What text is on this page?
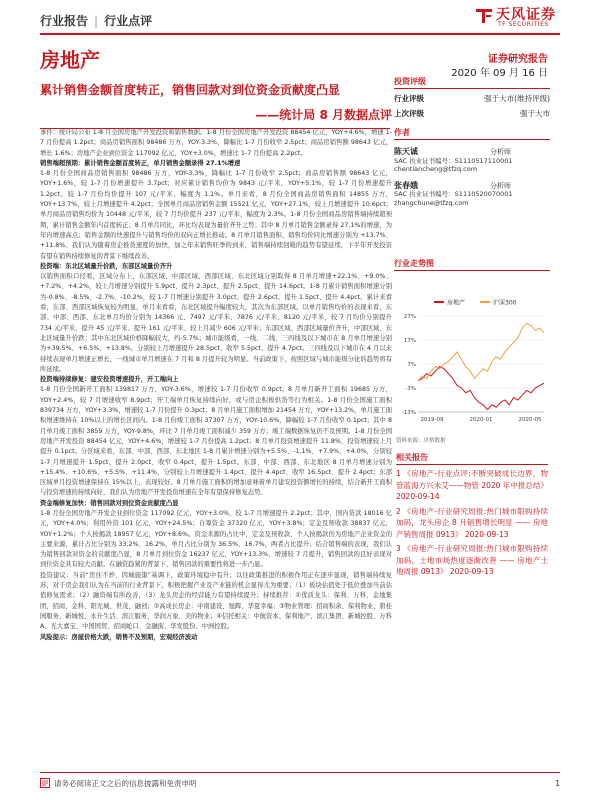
行业报告 | 行业点评	天风证券
TF SECURITIES
房地产	证券研究报告
2020 年 09 月 16 日
累计销售金额首度转正，销售回款对到位资金贡献度凸显
——统计局 8 月数据点评

事件：统计局公布 1-8 月全国房地产开发投资和销售数据。1-8 月份全国房地产开发投资 88454 亿元，YOY+4.6%，增速 1-7 月份提高 1.2pct；商品房销售面积 98486 万方，YOY-3.3%，降幅比 1-7 月份收窄 2.5pct；商品房销售额 98643 亿元，增长 1.6%；房地产企业到位资金 117092 亿元，YOY+3.0%，增速比 1-7 月份提高 2.2pct。

销售端超预期：累计销售金额首度转正，单月销售金额录得 27.1%增速

1-8 月份全国商品房销售面积 98486 万方，YOY-3.3%，降幅比 1-7 月份收窄 2.5pct；商品房销售额 98643 亿元，YOY+1.6%，较 1-7 月份增速提升 3.7pct；对应累计销售均价为 9843 元/平米，YOY+5.1%，较 1-7 月份增速提升 1.2pct。较 1-7 月份均价提升 107 元/平米，幅度为 1.1%。单月来看，8 月份全国商品房销售面积 14855 万方，YOY+13.7%，较上月增速提升 4.2pct；全国单月商品房销售金额 15521 亿元，YOY+27.1%，较上月增速提升 10.6pct；单月商品房销售均价为 10448 元/平米，较 7 月均价提升 237 元/平米，幅度为 2.3%。1-8 月份全国商品房销售端持续超预期，累计销售金额年内首度转正；8 月单月同比，环比均表现为量价齐升之势；其中 8 月单月销售金额录得 27.1%的增速，为年内增速高点；销售金额的快速提升与销售均价的双向正增长推动。8 月单月销售面积、销售均价同比增速分别为 +13.7%、+11.8%。我们认为随着房企推货速度的加快，加之年末销售旺季的到来，销售端持续回暖的趋势有望延续，下半年开发投资有望在销售持续修复的背景下继续改善。

投资端：东北区域量升价跌，东部区域量价齐升

以销售面积口径看，区域分布上，东部区域、中部区域、西部区域、东北区域分别取得 8 月单月增速+22.1%、+9.0%、+7.2%、+4.2%，较上月增速分别提升 5.9pct、提升 2.3pct、提升 2.5pct、提升 14.6pct。1-8 月累计销售面积增速分别为-0.8%、-8.5%、-2.7%、-10.2%，较 1-7 月增速分别提升 3.0pct、提升 2.6pct、提升 1.5pct、提升 4.4pct。累计来看看，东部、西部区域恢复较为明显，单月来看看，东北区域提升幅度较大，其次为东部区域。以单月销售均价的表现来看，东部、中部、西部、东北单月均价分别为 14366 元、7497 元/平米、7876 元/平米、8120 元/平米，较 7 月均价分别提升 734 元/平米、提升 45 元/平米、提升 161 元/平米、较上月减少 606 元/平米；东部区域、西部区域量价齐升，中部区域、东北区域量升价跌；其中东北区域价格降幅较大，约-5.7%；城市能级看，一线、二线、三四线及以下城市在 8 月单月增速分别为+39.5%、+6.5%、+13.8%，分别较上月增速提升 28.5pct、收窄 5.5pct、提升 4.7pct。三四线及以下城市在 4 月以来持续表现单月增速正增长，一线城市单月增速在 7 月和 8 月提升较为明显。当前政策下，按照区域与城市能级分化的趋势将有所延续。

投资端持续修复：建安投资增速提升，开工端向上

1-8 月份全国新开工面积 139817 万方，YOY-3.6%，增速较 1-7 月份收窄 0.9pct；8 月单月新开工面积 19685 万方，YOY+2.4%，较 7 月增速收窄 8.9pct；开工端单月恢复持续向好，或与房企积极供货等行为相关。1-8 月份全国施工面积 839734 万方，YOY+3.3%，增速较 1-7 月份提升 0.3pct；8 月单月施工面积增加 21454 万方，YOY+13.2%，单月施工面积增速维持在 10%以上的增长区间内。1-8 月份竣工面积 37307 万方，YOY-10.6%，降幅较 1-7 月份收窄 0.1pct；其中 8 月单月竣工面积 3859 万方，YOY-9.8%，环比 7 月单月竣工面积减少 359 万方；竣工端数据恢复仍不及预期。1-8 月份全国房地产开发投资 88454 亿元，YOY+4.6%，增速较 1-7 月份提高 1.2pct；8 月单月投资增速提升 11.8%，投资增速较上月提升 0.1pct。分区域来看，东部、中部、西部、东北地区 1-8 月累计增速分别为+5.5%、-1.1%、+7.9%、+4.0%，分别较 1-7 月增速提升 1.5pct、提升 2.0pct、收窄 0.4pct、提升 1.5pct。东部、中部、西部、东北地区 8 月单月增速分别为+15.4%、+10.6%、+5.5%、+11.4%，分别较上月增速提升 1.4pct、提升 4.4pct、收窄 16.5pct、提升 2.4pct；东部区域单月投资增速保持在 15%以上，表现较好。8 月单月施工面积的增加意味着单月建安投资额增长的持续，结合新开工面积与投资增速的持续向好，我们认为房地产开发投资增速在全年有望保持修复态势。

资金端修复加快：销售回款对到位资金贡献度凸显

1-8 月份全国房地产开发企业到位资金 117092 亿元，YOY+3.0%，较 1-7 月增速提升 2.2pct；其中，国内贷款 18016 亿元，YOY+4.0%；利用外资 101 亿元，YOY+24.5%；自筹资金 37320 亿元，YOY+3.8%；定金及预收款 38837 亿元，YOY+1.2%；个人按揭款 18957 亿元，YOY+8.6%。资金来源的占比中，定金及预收款、个人按揭款仍为房地产企业资金的主要来源，累计占比分别为 33.2%、16.2%，单月占比分别为 36.5%、16.7%，两者占比提升；结合销售端的表现，我们认为销售回款对资金的贡献度凸显，8 月单月到位资金 16237 亿元，YOY+13.3%，增速较 7 月提升，销售回款的良好表现对到位资金具有较大贡献。在融资趋紧的背景下，销售回款的重要性将进一步凸显。

投资建议：当前“房住不炒、因城施策”基调下，政策环境稳中有升；以往政策推进的积极作用正在逐步显现，销售端持续复苏，对于房企我们认为在当前的行业背景下，积极把握产业及产业链的机会显得尤为重要；（1）板块估值处于低位叠加当前估值修复需求；（2）融资端有所改善，（3）龙头房企的经营能力有望持续提升；持续推荐：①优质龙头：保利、万科、金地集团、招商、金科、阳光城、世茂、融创；②高成长房企：中南建设、旭辉、华夏幸福；③物业管理：招商积余、保利物业、碧桂园服务、新城悦、永升生活、滨江服务、华润万象、美的物业；④信托相关：中航资本、保利地产、滨江集团、新城控股、万科A、光大嘉宝、中国国贸、招商蛇口、金融街、华发股份、中洲控股。

风险提示：房屋价格大跌，销售不及预期，宏观经济波动

投资评级
行业评级	强于大市(维持评级)
上次评级	强于大市
作者
陈天诚	分析师
SAC 执业证书编号：S1110517110001
chentiancheng@tfzq.com
张春娥	分析师
SAC 执业证书编号：S1110520070001
zhangchune@tfzq.com
行业走势图
房地产	沪深300
27%
17%
7%
-3%
-13%
2019-09	2020-01	2020-05
资料来源：贝格数据
相关报告
1 《房地产-行业点评:不断突破成长边界，物管蓝海方兴未艾——物管 2020 年中报总结》 2020-09-14
2 《房地产-行业研究周报:热门城市限购持续加码，龙头房企 8 月销售增长明显 —— 房地产销售周报 0913》 2020-09-13
3 《房地产-行业研究周报:热门城市限购持续加码，土地市场热度逐渐改善 —— 房地产土地周报 0913》 2020-09-13
请务必阅读正文之后的信息披露和免责申明	1
